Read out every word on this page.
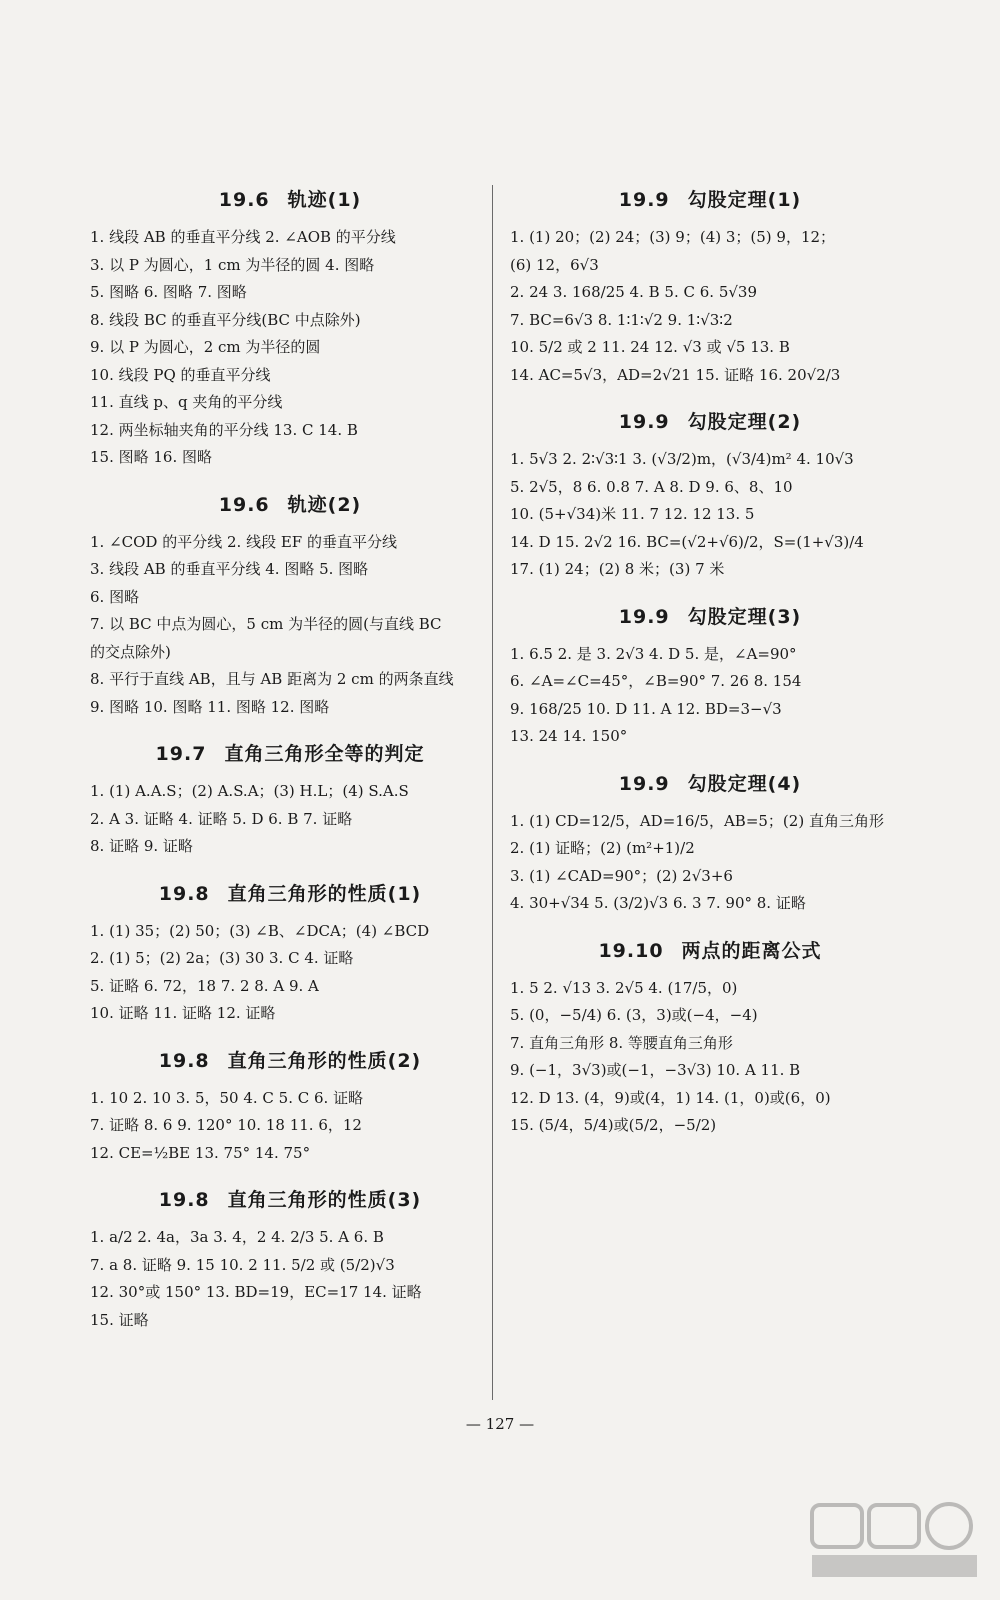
19.6 轨迹(1)
1. 线段 AB 的垂直平分线 2. ∠AOB 的平分线
3. 以 P 为圆心，1 cm 为半径的圆 4. 图略
5. 图略 6. 图略 7. 图略
8. 线段 BC 的垂直平分线(BC 中点除外)
9. 以 P 为圆心，2 cm 为半径的圆
10. 线段 PQ 的垂直平分线
11. 直线 p、q 夹角的平分线
12. 两坐标轴夹角的平分线 13. C 14. B
15. 图略 16. 图略
19.6 轨迹(2)
1. ∠COD 的平分线 2. 线段 EF 的垂直平分线
3. 线段 AB 的垂直平分线 4. 图略 5. 图略
6. 图略
7. 以 BC 中点为圆心，5 cm 为半径的圆(与直线 BC
的交点除外)
8. 平行于直线 AB，且与 AB 距离为 2 cm 的两条直线
9. 图略 10. 图略 11. 图略 12. 图略
19.7 直角三角形全等的判定
1. (1) A.A.S；(2) A.S.A；(3) H.L；(4) S.A.S
2. A 3. 证略 4. 证略 5. D 6. B 7. 证略
8. 证略 9. 证略
19.8 直角三角形的性质(1)
1. (1) 35；(2) 50；(3) ∠B、∠DCA；(4) ∠BCD
2. (1) 5；(2) 2a；(3) 30 3. C 4. 证略
5. 证略 6. 72，18 7. 2 8. A 9. A
10. 证略 11. 证略 12. 证略
19.8 直角三角形的性质(2)
1. 10 2. 10 3. 5，50 4. C 5. C 6. 证略
7. 证略 8. 6 9. 120° 10. 18 11. 6，12
12. CE=½BE 13. 75° 14. 75°
19.8 直角三角形的性质(3)
1. a/2 2. 4a，3a 3. 4，2 4. 2/3 5. A 6. B
7. a 8. 证略 9. 15 10. 2 11. 5/2 或 (5/2)√3
12. 30°或 150° 13. BD=19，EC=17 14. 证略
15. 证略
19.9 勾股定理(1)
1. (1) 20；(2) 24；(3) 9；(4) 3；(5) 9，12；
(6) 12，6√3
2. 24 3. 168/25 4. B 5. C 6. 5√39
7. BC=6√3 8. 1∶1∶√2 9. 1∶√3∶2
10. 5/2 或 2 11. 24 12. √3 或 √5 13. B
14. AC=5√3，AD=2√21 15. 证略 16. 20√2/3
19.9 勾股定理(2)
1. 5√3 2. 2∶√3∶1 3. (√3/2)m，(√3/4)m² 4. 10√3
5. 2√5，8 6. 0.8 7. A 8. D 9. 6、8、10
10. (5+√34)米 11. 7 12. 12 13. 5
14. D 15. 2√2 16. BC=(√2+√6)/2，S=(1+√3)/4
17. (1) 24；(2) 8 米；(3) 7 米
19.9 勾股定理(3)
1. 6.5 2. 是 3. 2√3 4. D 5. 是，∠A=90°
6. ∠A=∠C=45°，∠B=90° 7. 26 8. 154
9. 168/25 10. D 11. A 12. BD=3−√3
13. 24 14. 150°
19.9 勾股定理(4)
1. (1) CD=12/5，AD=16/5，AB=5；(2) 直角三角形
2. (1) 证略；(2) (m²+1)/2
3. (1) ∠CAD=90°；(2) 2√3+6
4. 30+√34 5. (3/2)√3 6. 3 7. 90° 8. 证略
19.10 两点的距离公式
1. 5 2. √13 3. 2√5 4. (17/5，0)
5. (0，−5/4) 6. (3，3)或(−4，−4)
7. 直角三角形 8. 等腰直角三角形
9. (−1，3√3)或(−1，−3√3) 10. A 11. B
12. D 13. (4，9)或(4，1) 14. (1，0)或(6，0)
15. (5/4，5/4)或(5/2，−5/2)
— 127 —
